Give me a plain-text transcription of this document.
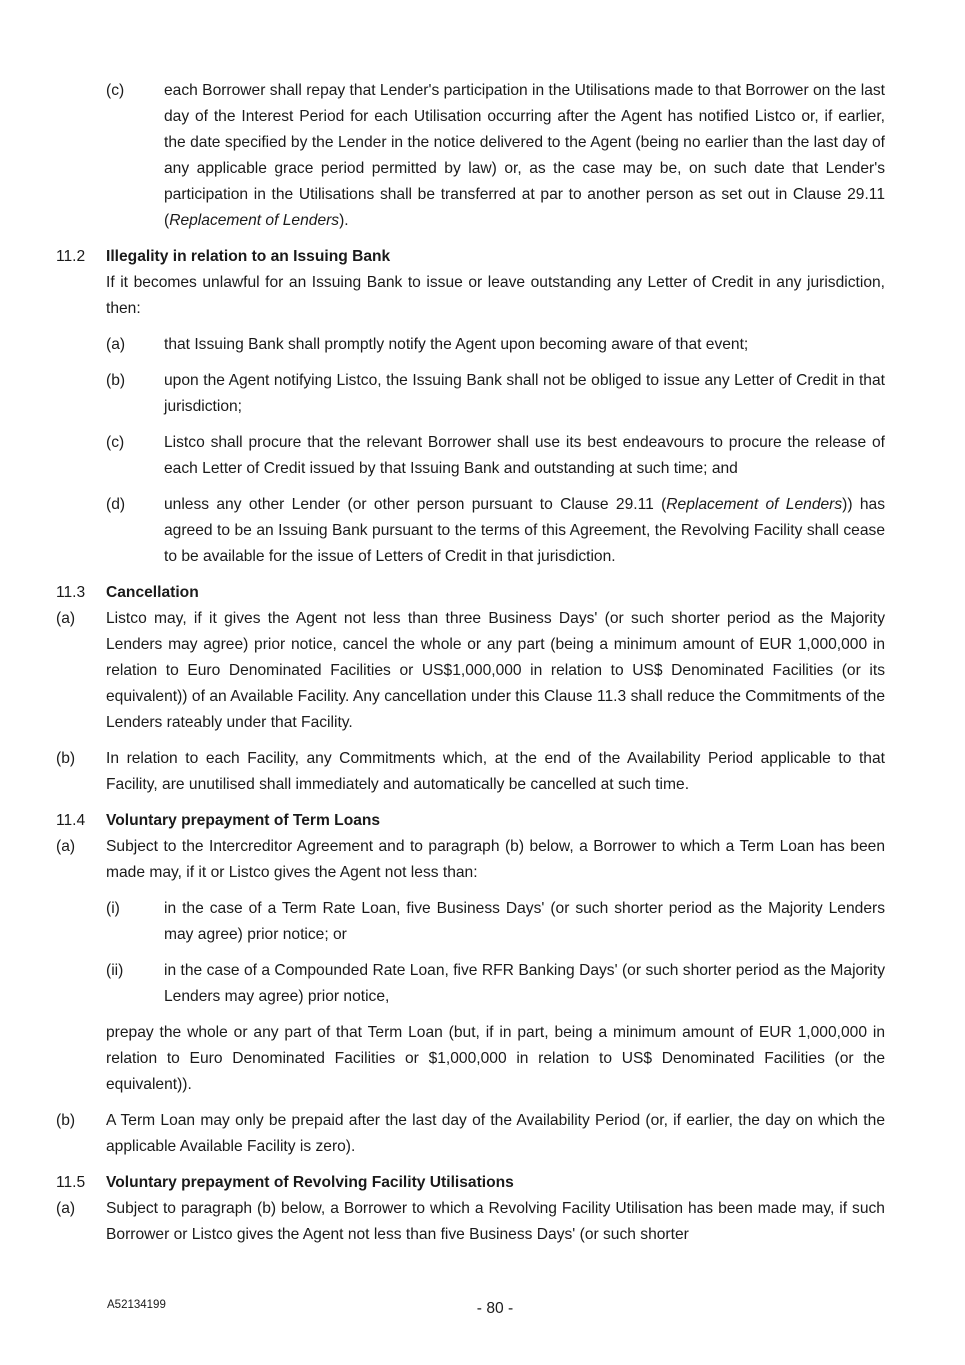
(c)	each Borrower shall repay that Lender's participation in the Utilisations made to that Borrower on the last day of the Interest Period for each Utilisation occurring after the Agent has notified Listco or, if earlier, the date specified by the Lender in the notice delivered to the Agent (being no earlier than the last day of any applicable grace period permitted by law) or, as the case may be, on such date that Lender's participation in the Utilisations shall be transferred at par to another person as set out in Clause 29.11 (Replacement of Lenders).
11.2 Illegality in relation to an Issuing Bank
If it becomes unlawful for an Issuing Bank to issue or leave outstanding any Letter of Credit in any jurisdiction, then:
(a) that Issuing Bank shall promptly notify the Agent upon becoming aware of that event;
(b) upon the Agent notifying Listco, the Issuing Bank shall not be obliged to issue any Letter of Credit in that jurisdiction;
(c)	Listco shall procure that the relevant Borrower shall use its best endeavours to procure the release of each Letter of Credit issued by that Issuing Bank and outstanding at such time; and
(d) unless any other Lender (or other person pursuant to Clause 29.11 (Replacement of Lenders)) has agreed to be an Issuing Bank pursuant to the terms of this Agreement, the Revolving Facility shall cease to be available for the issue of Letters of Credit in that jurisdiction.
11.3 Cancellation
(a) Listco may, if it gives the Agent not less than three Business Days' (or such shorter period as the Majority Lenders may agree) prior notice, cancel the whole or any part (being a minimum amount of EUR 1,000,000 in relation to Euro Denominated Facilities or US$1,000,000 in relation to US$ Denominated Facilities (or its equivalent)) of an Available Facility. Any cancellation under this Clause 11.3 shall reduce the Commitments of the Lenders rateably under that Facility.
(b) In relation to each Facility, any Commitments which, at the end of the Availability Period applicable to that Facility, are unutilised shall immediately and automatically be cancelled at such time.
11.4 Voluntary prepayment of Term Loans
(a) Subject to the Intercreditor Agreement and to paragraph (b) below, a Borrower to which a Term Loan has been made may, if it or Listco gives the Agent not less than:
(i)	in the case of a Term Rate Loan, five Business Days' (or such shorter period as the Majority Lenders may agree) prior notice; or
(ii)	in the case of a Compounded Rate Loan, five RFR Banking Days' (or such shorter period as the Majority Lenders may agree) prior notice,
prepay the whole or any part of that Term Loan (but, if in part, being a minimum amount of EUR 1,000,000 in relation to Euro Denominated Facilities or $1,000,000 in relation to US$ Denominated Facilities (or the equivalent)).
(b) A Term Loan may only be prepaid after the last day of the Availability Period (or, if earlier, the day on which the applicable Available Facility is zero).
11.5 Voluntary prepayment of Revolving Facility Utilisations
(a) Subject to paragraph (b) below, a Borrower to which a Revolving Facility Utilisation has been made may, if such Borrower or Listco gives the Agent not less than five Business Days' (or such shorter
A52134199	- 80 -
